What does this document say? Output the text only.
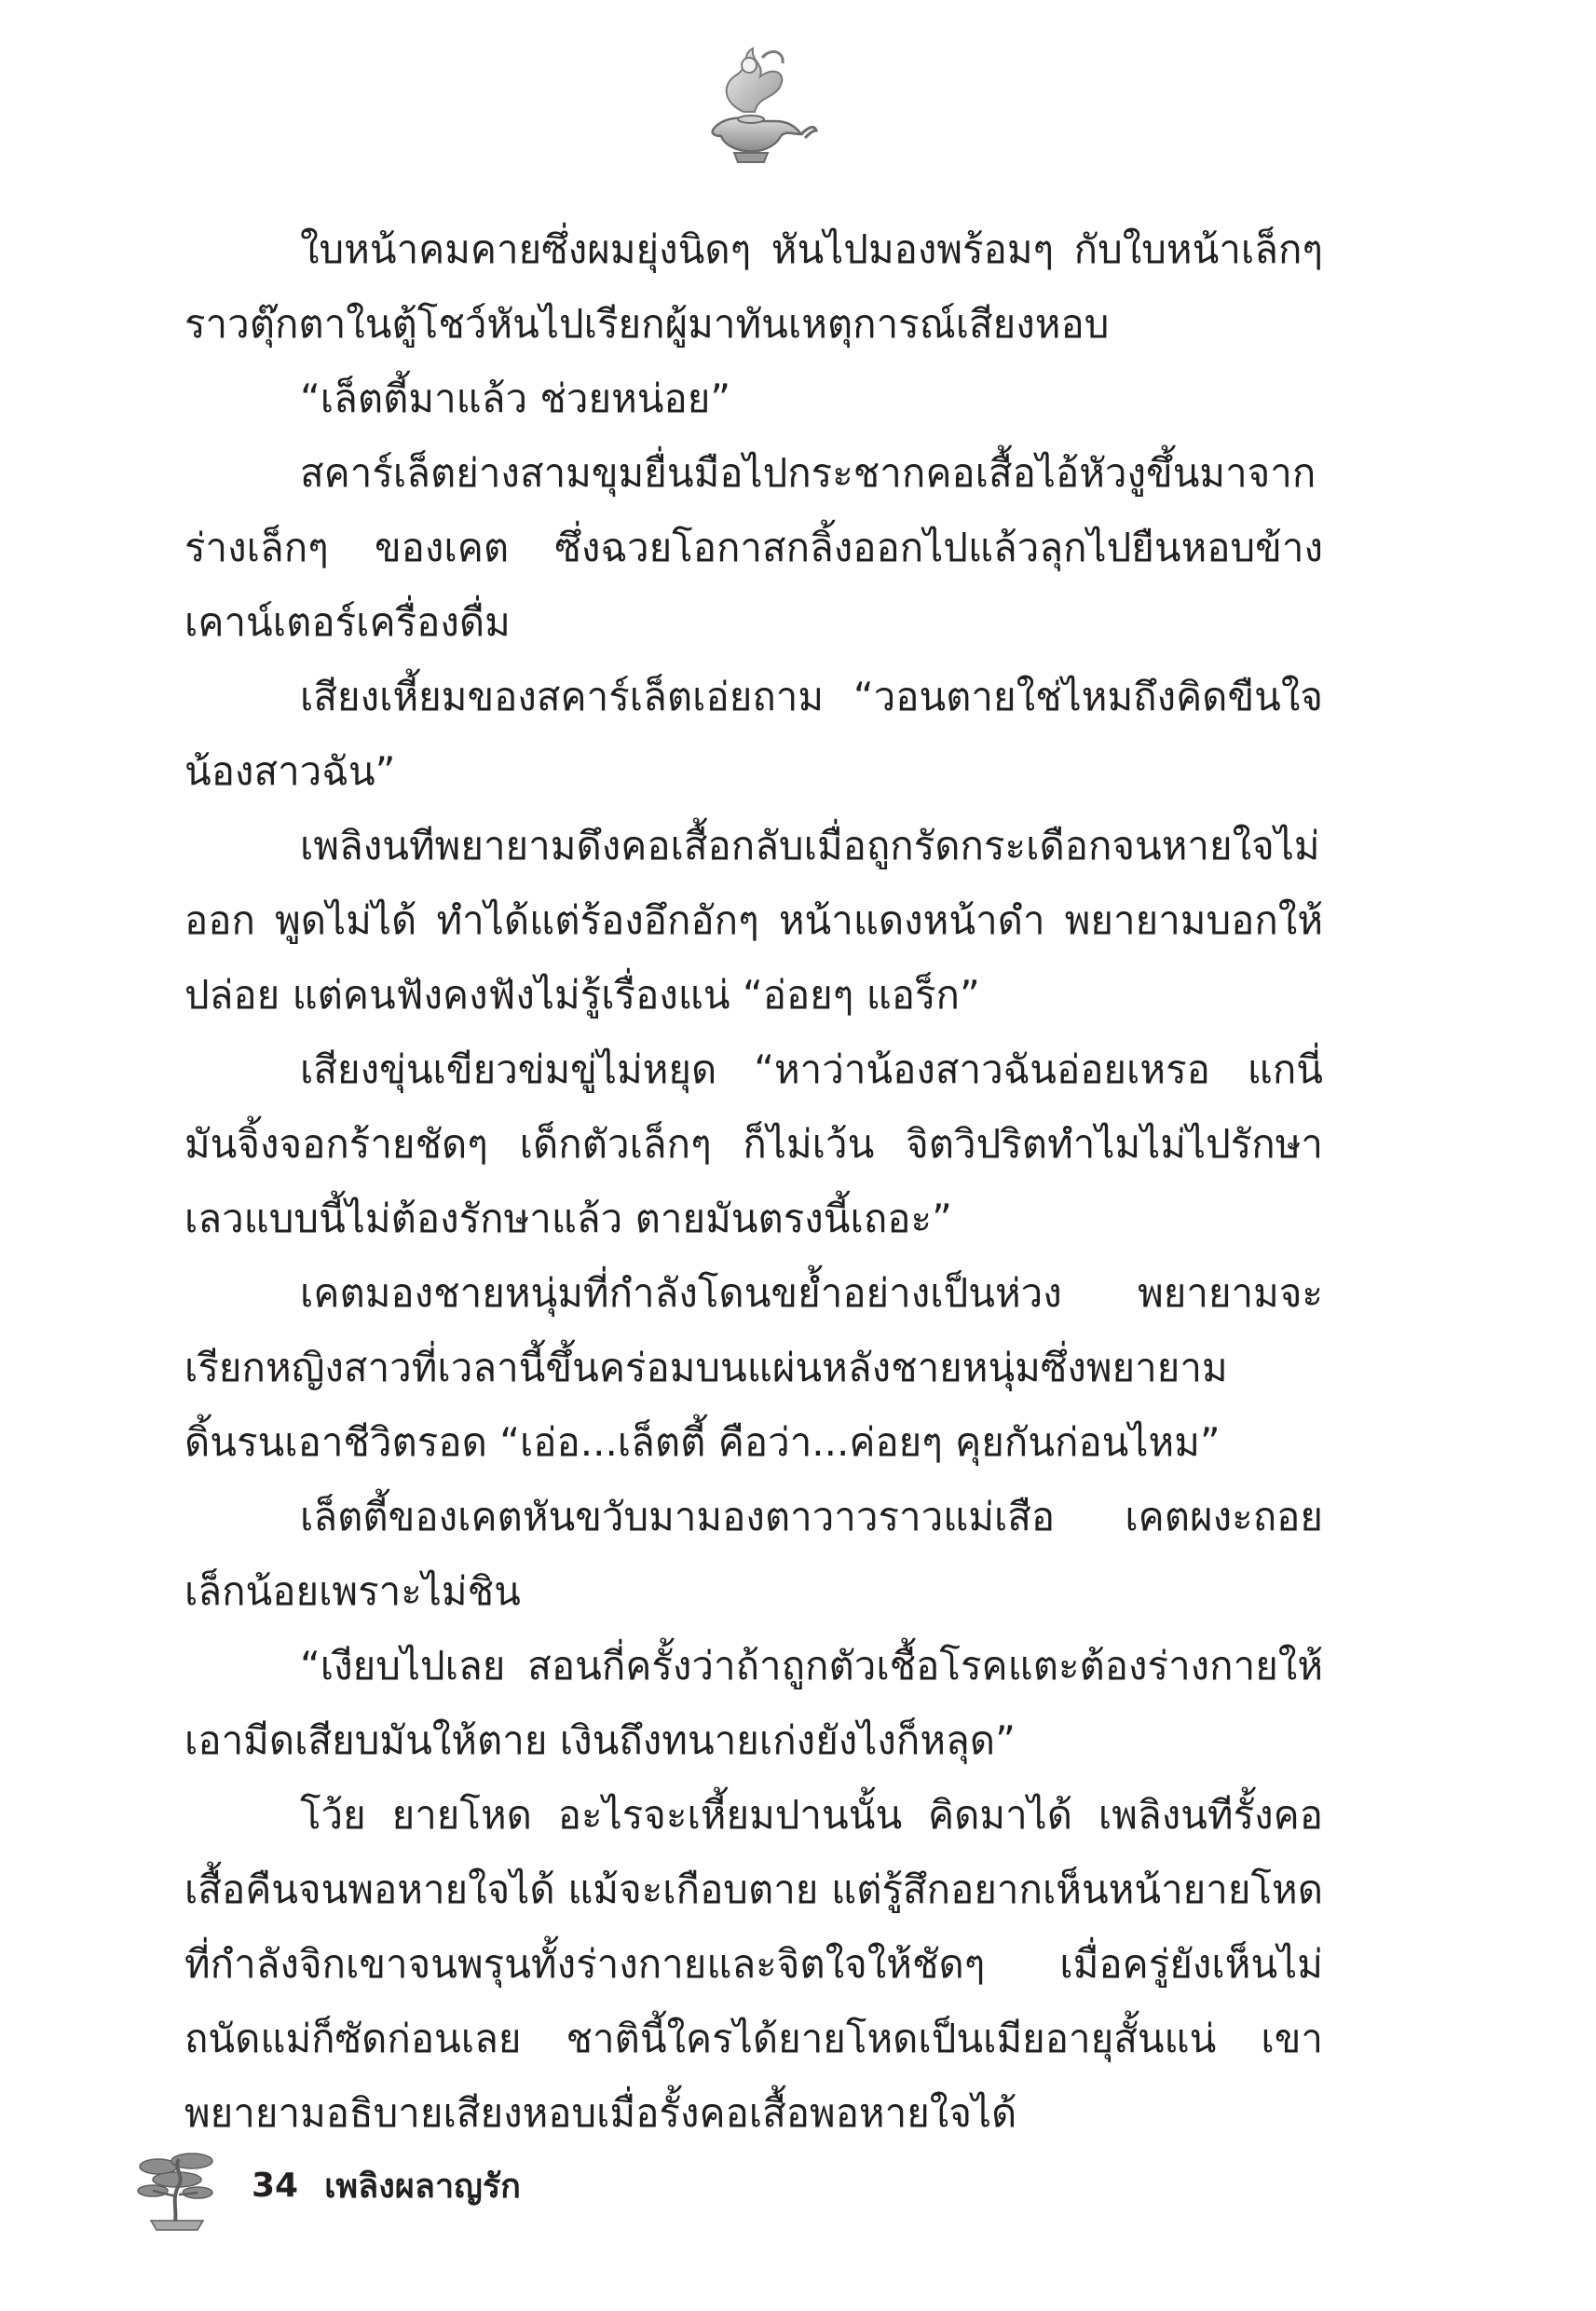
ใบหน้าคมคายซึ่งผมยุ่งนิดๆ หันไปมองพร้อมๆ กับใบหน้าเล็กๆ ราวตุ๊กตาในตู้โชว์หันไปเรียกผู้มาทันเหตุการณ์เสียงหอบ

“เล็ตตี้มาแล้ว ช่วยหน่อย”

สคาร์เล็ตย่างสามขุมยื่นมือไปกระชากคอเสื้อไอ้หัวงูขึ้นมาจากร่างเล็กๆ ของเคต ซึ่งฉวยโอกาสกลิ้งออกไปแล้วลุกไปยืนหอบข้างเคาน์เตอร์เครื่องดื่ม

เสียงเหี้ยมของสคาร์เล็ตเอ่ยถาม “วอนตายใช่ไหมถึงคิดขืนใจน้องสาวฉัน”

เพลิงนทีพยายามดึงคอเสื้อกลับเมื่อถูกรัดกระเดือกจนหายใจไม่ออก พูดไม่ได้ ทำได้แต่ร้องอึกอักๆ หน้าแดงหน้าดำ พยายามบอกให้ปล่อย แต่คนฟังคงฟังไม่รู้เรื่องแน่ “อ่อยๆ แอร็ก”

เสียงขุ่นเขียวข่มขู่ไม่หยุด “หาว่าน้องสาวฉันอ่อยเหรอ แกนี่มันจิ้งจอกร้ายชัดๆ เด็กตัวเล็กๆ ก็ไม่เว้น จิตวิปริตทำไมไม่ไปรักษา เลวแบบนี้ไม่ต้องรักษาแล้ว ตายมันตรงนี้เถอะ”

เคตมองชายหนุ่มที่กำลังโดนขย้ำอย่างเป็นห่วง พยายามจะเรียกหญิงสาวที่เวลานี้ขึ้นคร่อมบนแผ่นหลังชายหนุ่มซึ่งพยายามดิ้นรนเอาชีวิตรอด “เอ่อ...เล็ตตี้ คือว่า...ค่อยๆ คุยกันก่อนไหม”

เล็ตตี้ของเคตหันขวับมามองตาวาวราวแม่เสือ เคตผงะถอยเล็กน้อยเพราะไม่ชิน

“เงียบไปเลย สอนกี่ครั้งว่าถ้าถูกตัวเชื้อโรคแตะต้องร่างกายให้เอามีดเสียบมันให้ตาย เงินถึงทนายเก่งยังไงก็หลุด”

โว้ย ยายโหด อะไรจะเหี้ยมปานนั้น คิดมาได้ เพลิงนทีรั้งคอเสื้อคืนจนพอหายใจได้ แม้จะเกือบตาย แต่รู้สึกอยากเห็นหน้ายายโหดที่กำลังจิกเขาจนพรุนทั้งร่างกายและจิตใจให้ชัดๆ เมื่อครู่ยังเห็นไม่ถนัดแม่ก็ซัดก่อนเลย ชาตินี้ใครได้ยายโหดเป็นเมียอายุสั้นแน่ เขาพยายามอธิบายเสียงหอบเมื่อรั้งคอเสื้อพอหายใจได้

34 เพลิงผลาญรัก
